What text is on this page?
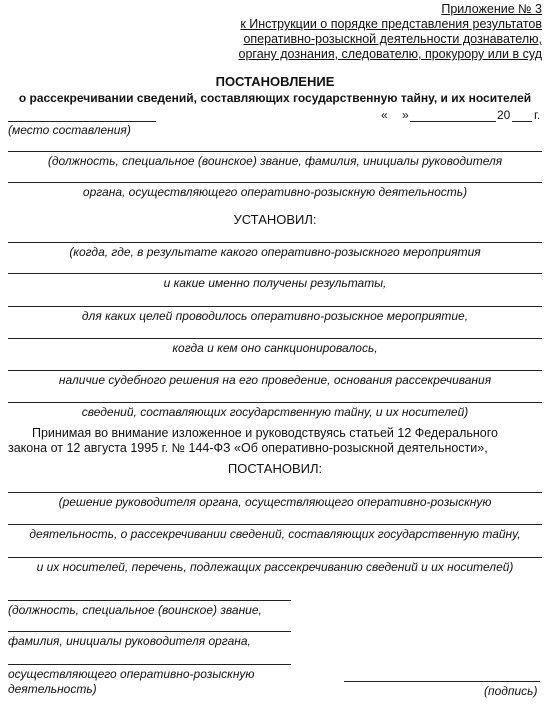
Приложение № 3
к Инструкции о порядке представления результатов
оперативно-розыскной деятельности дознавателю,
органу дознания, следователю, прокурору или в суд
ПОСТАНОВЛЕНИЕ
о рассекречивании сведений, составляющих государственную тайну, и их носителей
« »	20 г.
(место составления)
(должность, специальное (воинское) звание, фамилия, инициалы руководителя
органа, осуществляющего оперативно-розыскную деятельность)
УСТАНОВИЛ:
(когда, где, в результате какого оперативно-розыскного мероприятия
и какие именно получены результаты,
для каких целей проводилось оперативно-розыскное мероприятие,
когда и кем оно санкционировалось,
наличие судебного решения на его проведение, основания рассекречивания
сведений, составляющих государственную тайну, и их носителей)
Принимая во внимание изложенное и руководствуясь статьей 12 Федерального
закона от 12 августа 1995 г. № 144-ФЗ «Об оперативно-розыскной деятельности»,
ПОСТАНОВИЛ:
(решение руководителя органа, осуществляющего оперативно-розыскную
деятельность, о рассекречивании сведений, составляющих государственную тайну,
и их носителей, перечень, подлежащих рассекречиванию сведений и их носителей)
(должность, специальное (воинское) звание,
фамилия, инициалы руководителя органа,
осуществляющего оперативно-розыскную
деятельность)	(подпись)
